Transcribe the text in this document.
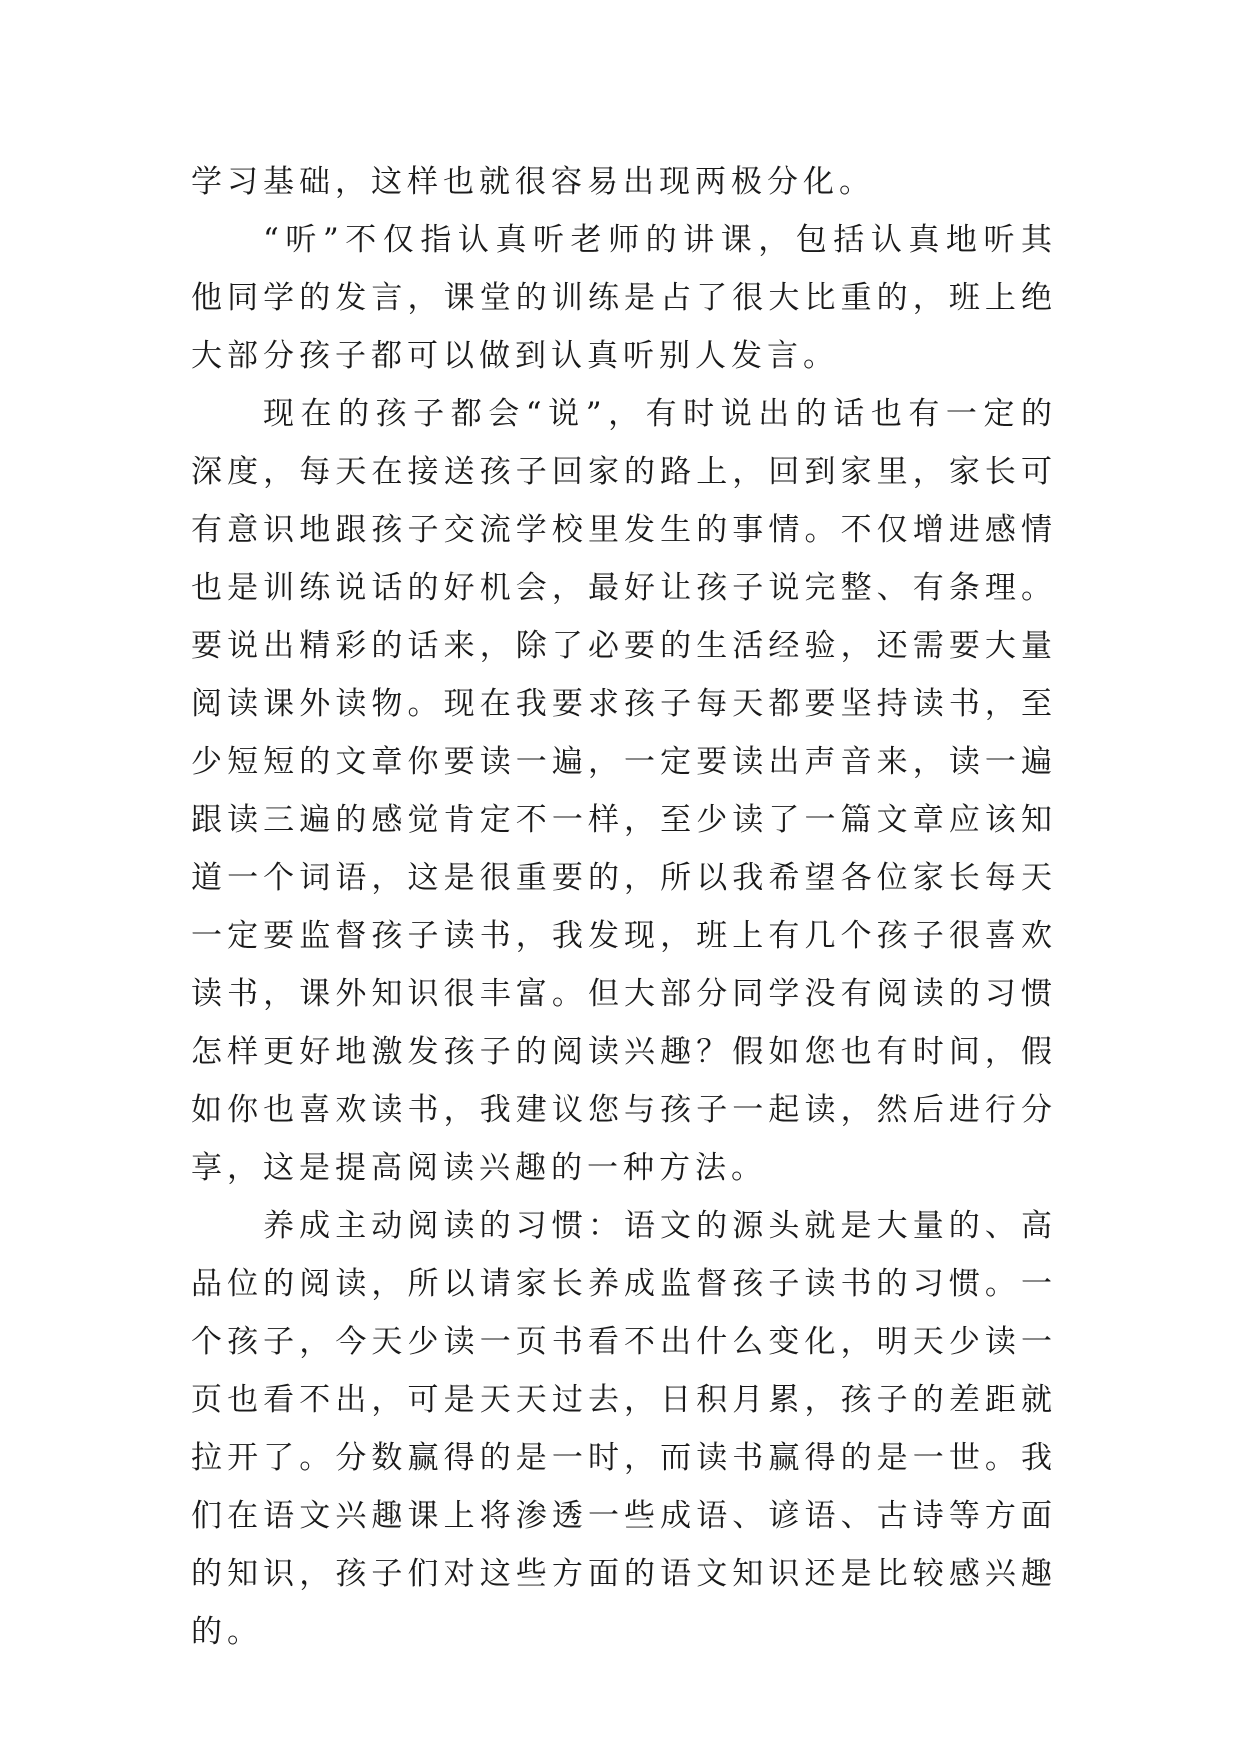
学习基础，这样也就很容易出现两极分化。

“听”不仅指认真听老师的讲课，包括认真地听其他同学的发言，课堂的训练是占了很大比重的，班上绝大部分孩子都可以做到认真听别人发言。

现在的孩子都会“说”，有时说出的话也有一定的深度，每天在接送孩子回家的路上，回到家里，家长可有意识地跟孩子交流学校里发生的事情。不仅增进感情也是训练说话的好机会，最好让孩子说完整、有条理。要说出精彩的话来，除了必要的生活经验，还需要大量阅读课外读物。现在我要求孩子每天都要坚持读书，至少短短的文章你要读一遍，一定要读出声音来，读一遍跟读三遍的感觉肯定不一样，至少读了一篇文章应该知道一个词语，这是很重要的，所以我希望各位家长每天一定要监督孩子读书，我发现，班上有几个孩子很喜欢读书，课外知识很丰富。但大部分同学没有阅读的习惯怎样更好地激发孩子的阅读兴趣？假如您也有时间，假如你也喜欢读书，我建议您与孩子一起读，然后进行分享，这是提高阅读兴趣的一种方法。

养成主动阅读的习惯：语文的源头就是大量的、高品位的阅读，所以请家长养成监督孩子读书的习惯。一个孩子，今天少读一页书看不出什么变化，明天少读一页也看不出，可是天天过去，日积月累，孩子的差距就拉开了。分数赢得的是一时，而读书赢得的是一世。我们在语文兴趣课上将渗透一些成语、谚语、古诗等方面的知识，孩子们对这些方面的语文知识还是比较感兴趣的。
